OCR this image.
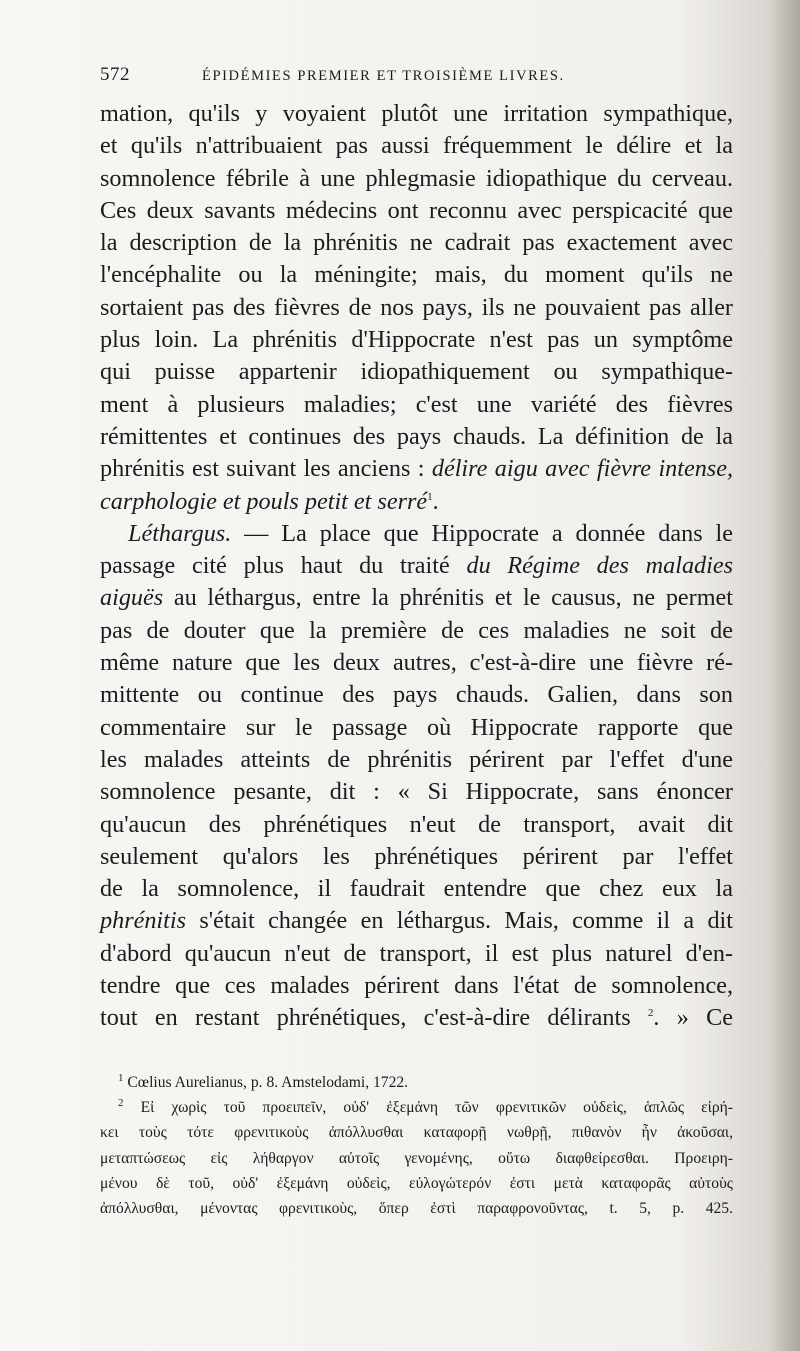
572	ÉPIDÉMIES PREMIER ET TROISIÈME LIVRES.
mation, qu'ils y voyaient plutôt une irritation sympathique,
et qu'ils n'attribuaient pas aussi fréquemment le délire et la
somnolence fébrile à une phlegmasie idiopathique du cerveau.
Ces deux savants médecins ont reconnu avec perspicacité que
la description de la phrénitis ne cadrait pas exactement avec
l'encéphalite ou la méningite; mais, du moment qu'ils ne
sortaient pas des fièvres de nos pays, ils ne pouvaient pas aller
plus loin. La phrénitis d'Hippocrate n'est pas un symptôme
qui puisse appartenir idiopathiquement ou sympathique-
ment à plusieurs maladies; c'est une variété des fièvres
rémittentes et continues des pays chauds. La définition de la
phrénitis est suivant les anciens : délire aigu avec fièvre intense,
carphologie et pouls petit et serré$^1$.
Léthargus. — La place que Hippocrate a donnée dans le
passage cité plus haut du traité du Régime des maladies
aiguës au léthargus, entre la phrénitis et le causus, ne permet
pas de douter que la première de ces maladies ne soit de
même nature que les deux autres, c'est-à-dire une fièvre ré-
mittente ou continue des pays chauds. Galien, dans son
commentaire sur le passage où Hippocrate rapporte que
les malades atteints de phrénitis périrent par l'effet d'une
somnolence pesante, dit : « Si Hippocrate, sans énoncer
qu'aucun des phrénétiques n'eut de transport, avait dit
seulement qu'alors les phrénétiques périrent par l'effet
de la somnolence, il faudrait entendre que chez eux la
phrénitis s'était changée en léthargus. Mais, comme il a dit
d'abord qu'aucun n'eut de transport, il est plus naturel d'en-
tendre que ces malades périrent dans l'état de somnolence,
tout en restant phrénétiques, c'est-à-dire délirants $^2$. » Ce
$^1$ Cœlius Aurelianus, p. 8. Amstelodami, 1722.
$^2$ Εἰ χωρὶς τοῦ προειπεῖν, οὐδ' ἐξεμάνη τῶν φρενιτικῶν οὐδεὶς, ἁπλῶς εἰρή-
κει τοὺς τότε φρενιτικοὺς ἀπόλλυσθαι καταφορῇ νωθρῇ, πιθανὸν ἦν ἀκοῦσαι,
μεταπτώσεως εἰς λήθαργον αὐτοῖς γενομένης, οὕτω διαφθείρεσθαι. Προειρη-
μένου δὲ τοῦ, οὐδ' ἐξεμάνη οὐδεὶς, εὐλογώτερόν ἐστι μετὰ καταφορᾶς αὐτοὺς
ἀπόλλυσθαι, μένοντας φρενιτικοὺς, ὅπερ ἐστὶ παραφρονοῦντας, t. 5, p. 425.
